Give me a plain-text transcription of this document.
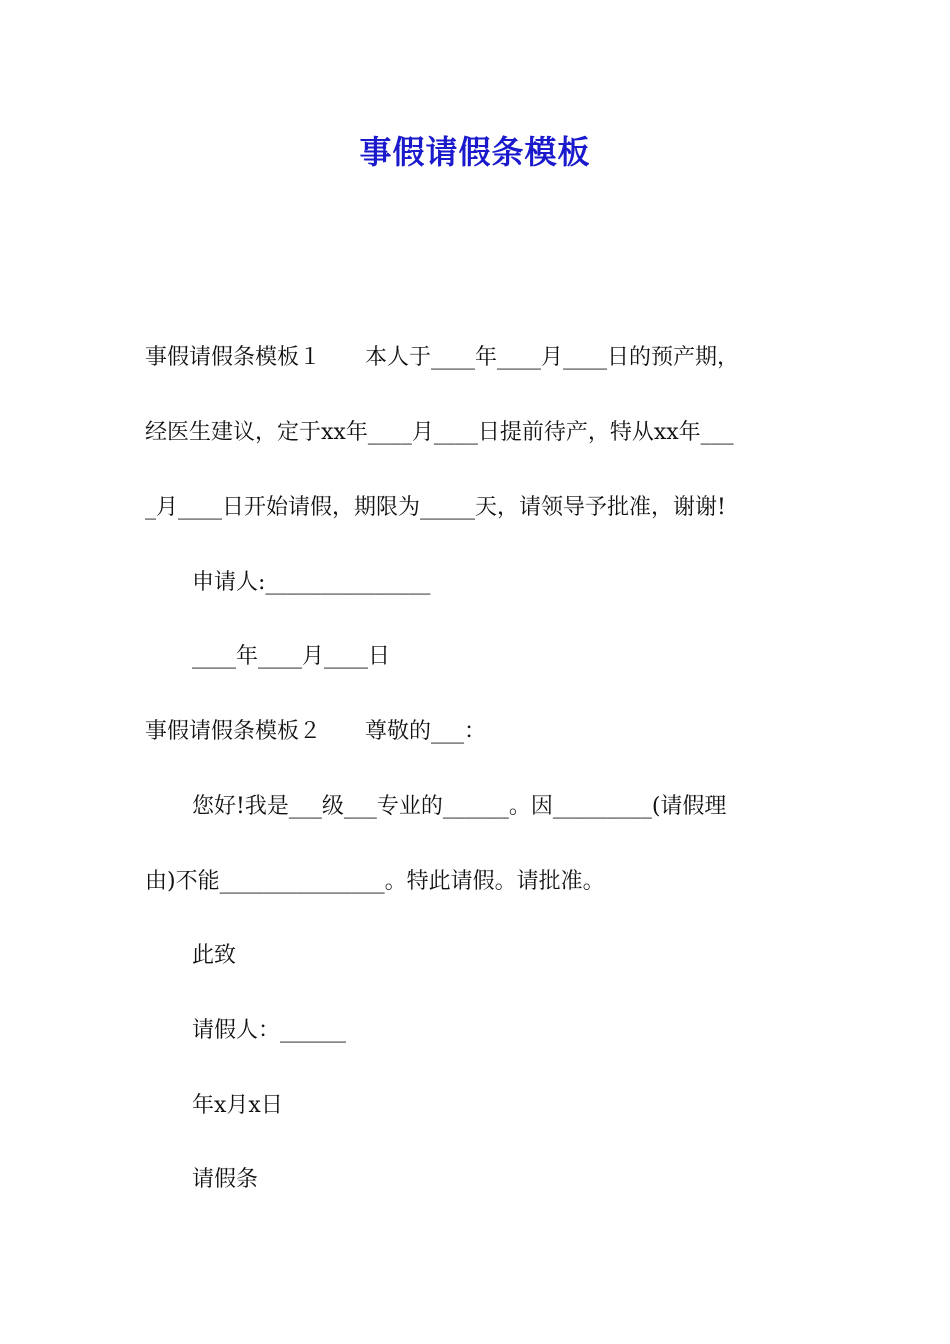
事假请假条模板
事假请假条模板１　　本人于____年____月____日的预产期，
经医生建议，定于xx年____月____日提前待产，特从xx年___
_月____日开始请假，期限为_____天，请领导予批准，谢谢!
申请人:_______________
____年____月____日
事假请假条模板２　　尊敬的___：
您好!我是___级___专业的______。因_________(请假理
由)不能_______________。特此请假。请批准。
此致
请假人：______
年x月x日
请假条
